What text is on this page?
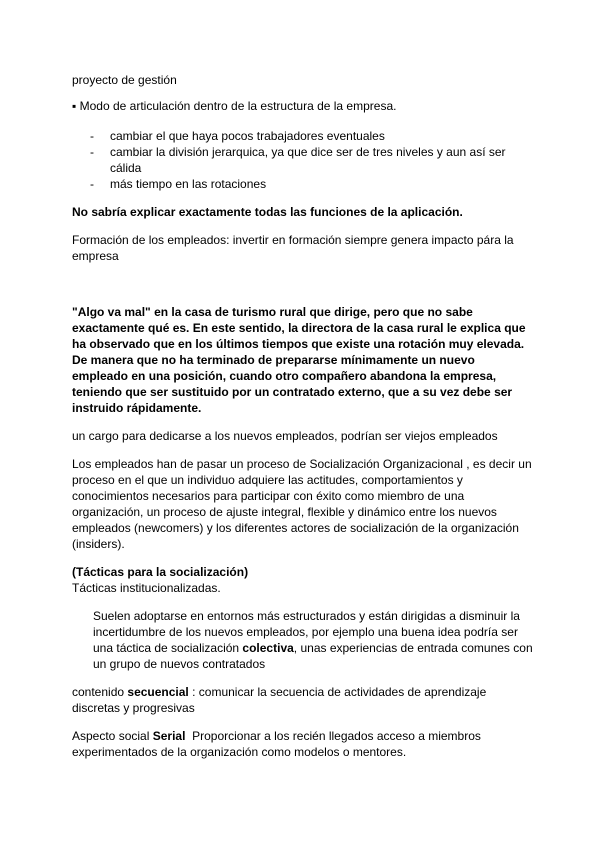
proyecto de gestión

▪ Modo de articulación dentro de la estructura de la empresa.

- cambiar el que haya pocos trabajadores eventuales
- cambiar la división jerarquica, ya que dice ser de tres niveles y aun así ser cálida
- más tiempo en las rotaciones

No sabría explicar exactamente todas las funciones de la aplicación.

Formación de los empleados: invertir en formación siempre genera impacto pára la empresa

"Algo va mal" en la casa de turismo rural que dirige, pero que no sabe exactamente qué es. En este sentido, la directora de la casa rural le explica que ha observado que en los últimos tiempos que existe una rotación muy elevada. De manera que no ha terminado de prepararse mínimamente un nuevo empleado en una posición, cuando otro compañero abandona la empresa, teniendo que ser sustituido por un contratado externo, que a su vez debe ser instruido rápidamente.

un cargo para dedicarse a los nuevos empleados, podrían ser viejos empleados

Los empleados han de pasar un proceso de Socialización Organizacional , es decir un proceso en el que un individuo adquiere las actitudes, comportamientos y conocimientos necesarios para participar con éxito como miembro de una organización, un proceso de ajuste integral, flexible y dinámico entre los nuevos empleados (newcomers) y los diferentes actores de socialización de la organización (insiders).

(Tácticas para la socialización)

Tácticas institucionalizadas.

Suelen adoptarse en entornos más estructurados y están dirigidas a disminuir la incertidumbre de los nuevos empleados, por ejemplo una buena idea podría ser una táctica de socialización colectiva, unas experiencias de entrada comunes con un grupo de nuevos contratados

contenido secuencial : comunicar la secuencia de actividades de aprendizaje discretas y progresivas

Aspecto social Serial  Proporcionar a los recién llegados acceso a miembros experimentados de la organización como modelos o mentores.
